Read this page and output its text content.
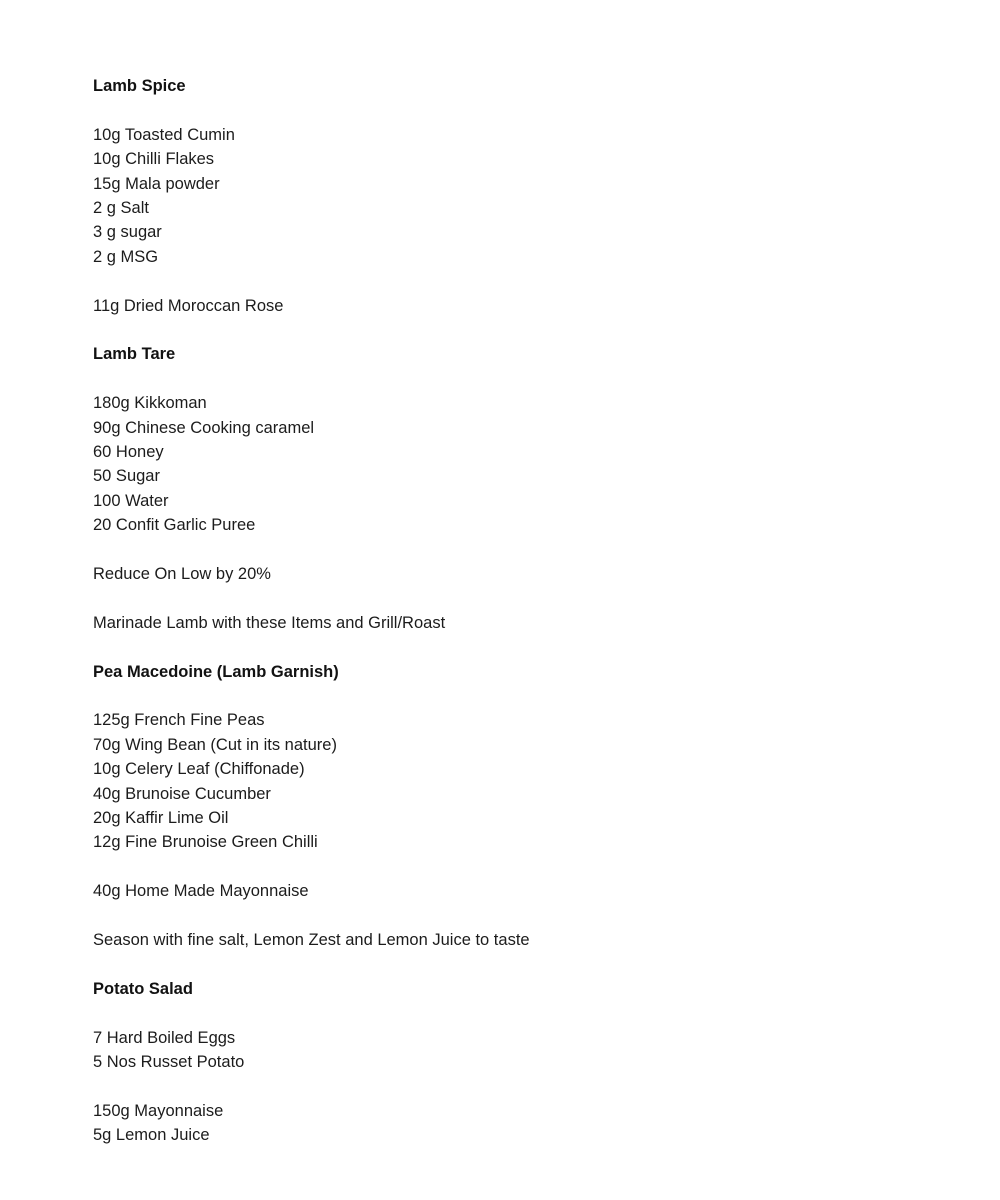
Lamb Spice
10g Toasted Cumin
10g Chilli Flakes
15g Mala powder
2 g Salt
3 g sugar
2 g MSG
11g Dried Moroccan Rose
Lamb Tare
180g Kikkoman
90g Chinese Cooking caramel
60 Honey
50 Sugar
100 Water
20 Confit Garlic Puree
Reduce On Low by 20%
Marinade Lamb with these Items and Grill/Roast
Pea Macedoine (Lamb Garnish)
125g French Fine Peas
70g Wing Bean (Cut in its nature)
10g Celery Leaf (Chiffonade)
40g Brunoise Cucumber
20g Kaffir Lime Oil
12g Fine Brunoise Green Chilli
40g Home Made Mayonnaise
Season with fine salt, Lemon Zest and Lemon Juice to taste
Potato Salad
7 Hard Boiled Eggs
5 Nos Russet Potato
150g Mayonnaise
5g Lemon Juice
